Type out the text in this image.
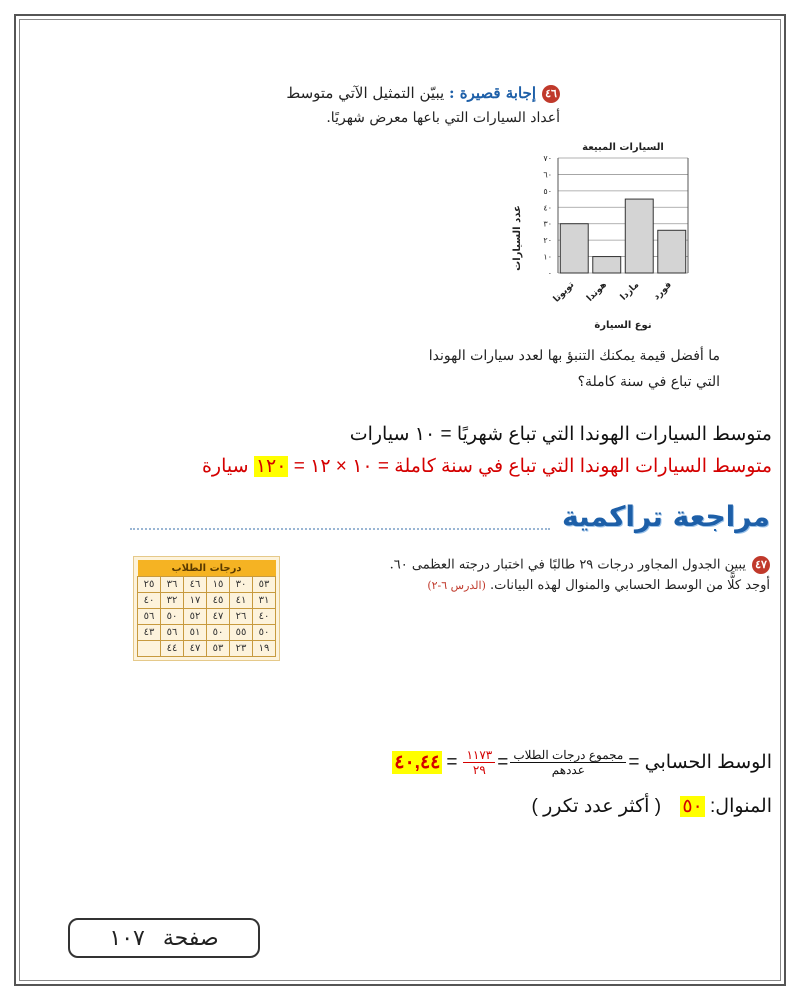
٤٦إجابة قصيرة : يبيّن التمثيل الآتي متوسط
أعداد السيارات التي باعها معرض شهريًا.
السيارات المبيعة
٠
١٠
٢٠
٣٠
٤٠
٥٠
٦٠
٧٠
تويوتا هوندا مازدا فورد
عدد السيارات
نوع السيارة
ما أفضل قيمة يمكنك التنبؤ بها لعدد سيارات الهوندا
التي تباع في سنة كاملة؟
متوسط السيارات الهوندا التي تباع شهريًا = ١٠ سيارات
متوسط السيارات الهوندا التي تباع في سنة كاملة = ١٠ × ١٢ = ١٢٠ سيارة
مراجعة تراكمية
٤٧يبين الجدول المجاور درجات ٢٩ طالبًا في اختبار درجته العظمى ٦٠.
أوجد كلًّا من الوسط الحسابي والمنوال لهذه البيانات. (الدرس ٦-٢)
درجات الطلاب					
٥٣	٣٠	١٥	٤٦	٣٦	٢٥
٣١	٤١	٤٥	١٧	٣٢	٤٠
٤٠	٢٦	٤٧	٥٢	٥٠	٥٦
٥٠	٥٥	٥٠	٥١	٥٦	٤٣
١٩	٢٣	٥٣	٤٧	٤٤	
الوسط الحسابي =
$\frac{\text{مجموع درجات الطلاب}}{\text{عددهم}}$
=
$\frac{١١٧٣}{٢٩}$
=
٤٠,٤٤
المنوال: ٥٠ ( أكثر عدد تكرر )
صفحة
١٠٧
